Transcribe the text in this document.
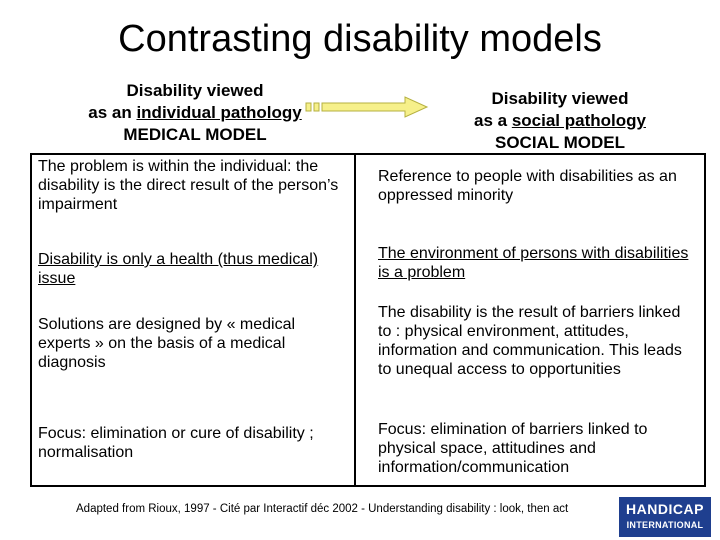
Contrasting disability models
Disability viewed
as an individual pathology
MEDICAL MODEL
Disability viewed
as a social pathology
SOCIAL MODEL
The problem is within the individual: the disability is the direct result of the person’s impairment
Reference to people with disabilities as an oppressed minority
Disability is only a health (thus medical) issue
The environment of persons with disabilities is a problem
Solutions are designed by « medical experts » on the basis of a medical diagnosis
The disability is the result of barriers linked to : physical environment, attitudes, information and communication. This leads to unequal access to opportunities
Focus: elimination or cure of disability ; normalisation
Focus: elimination of barriers linked to physical space, attitudines and information/communication
Adapted from Rioux, 1997 - Cité par Interactif déc 2002 - Understanding disability : look, then act	HANDICAP
INTERNATIONAL
